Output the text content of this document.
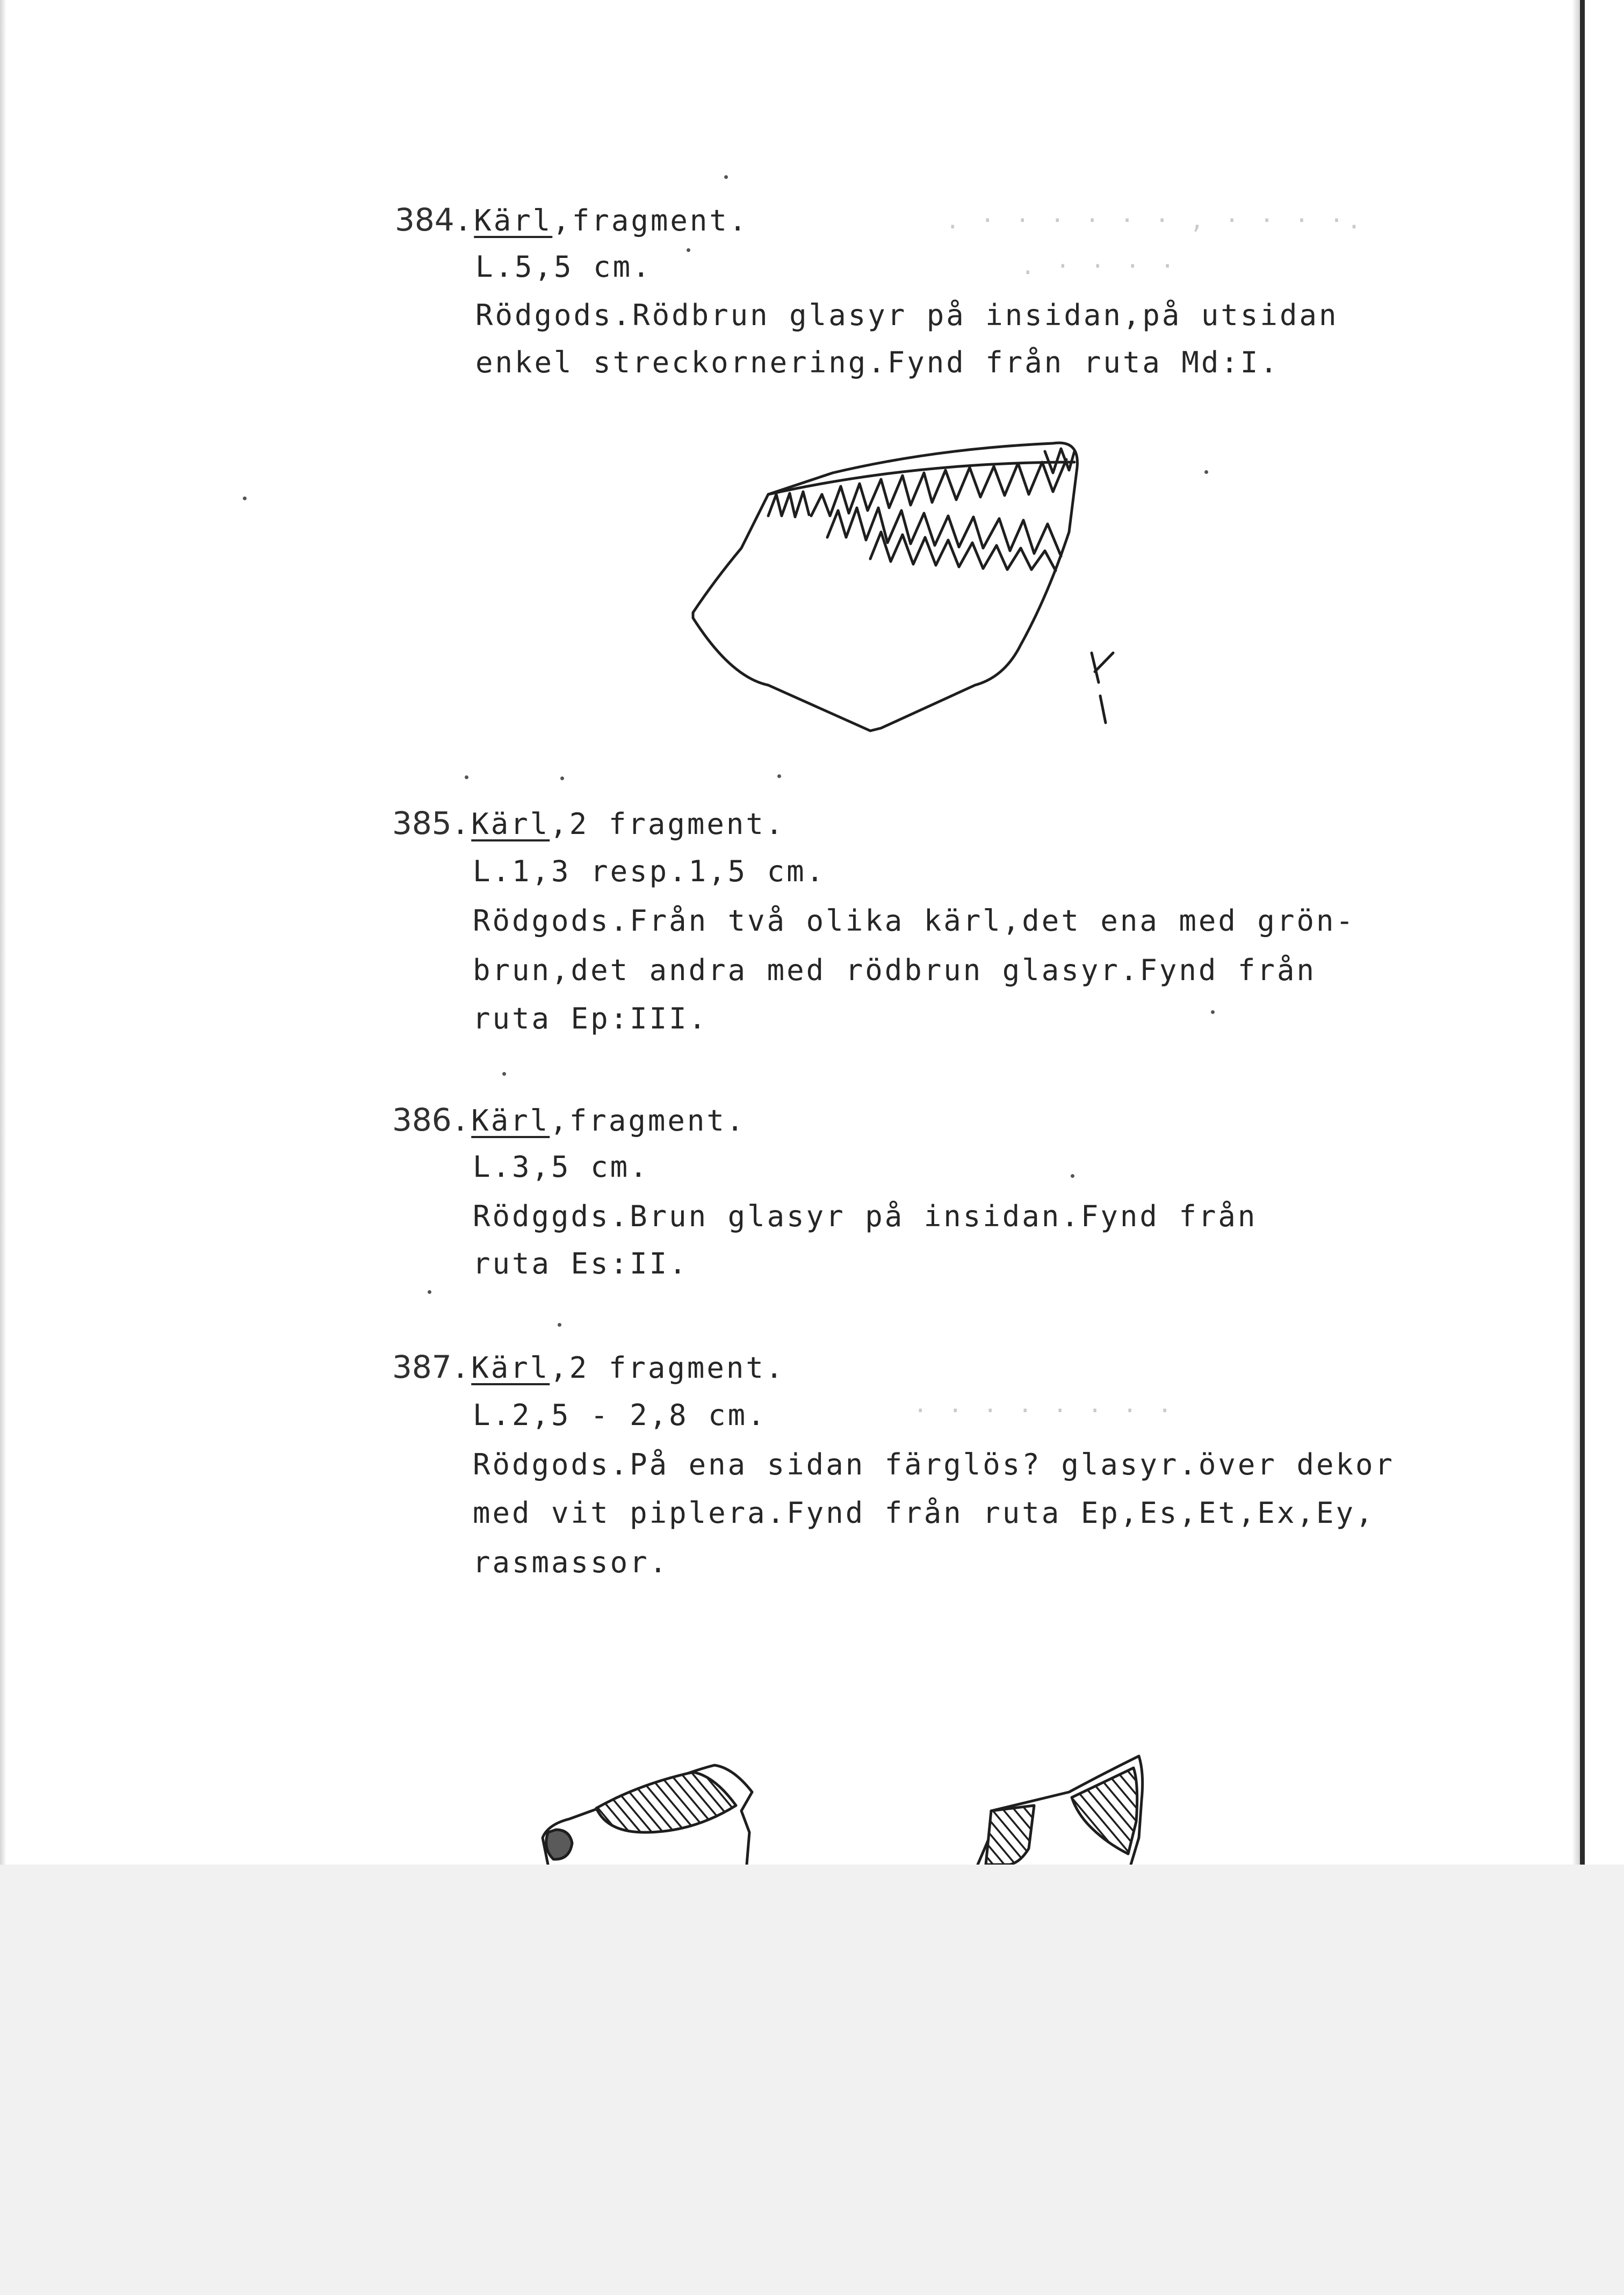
. · · · · · · , · · · ·.
. · · · ·
· · · · · · · ·
384.Kärl,fragment.
L.5,5 cm.
Rödgods.Rödbrun glasyr på insidan,på utsidan
enkel streckornering.Fynd från ruta Md:I.
385.Kärl,2 fragment.
L.1,3 resp.1,5 cm.
Rödgods.Från två olika kärl,det ena med grön-
brun,det andra med rödbrun glasyr.Fynd från
ruta Ep:III.
386.Kärl,fragment.
L.3,5 cm.
Rödggds.Brun glasyr på insidan.Fynd från
ruta Es:II.
387.Kärl,2 fragment.
L.2,5 - 2,8 cm.
Rödgods.På ena sidan färglös? glasyr.över dekor
med vit piplera.Fynd från ruta Ep,Es,Et,Ex,Ey,
rasmassor.
